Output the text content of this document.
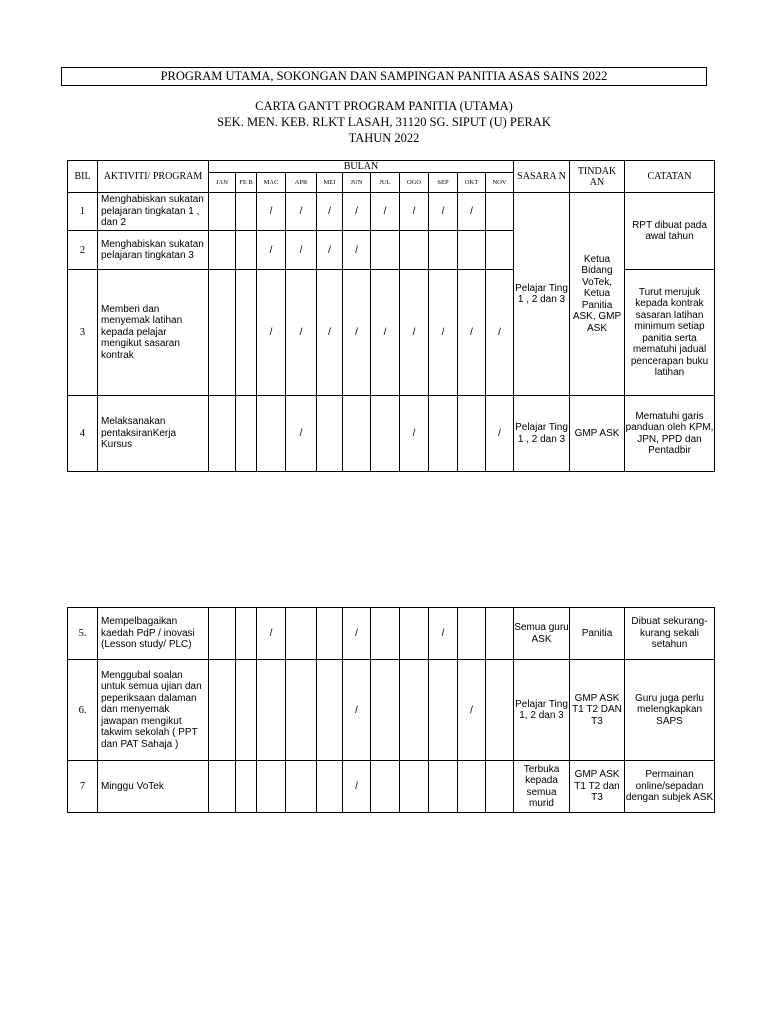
PROGRAM UTAMA, SOKONGAN DAN SAMPINGAN PANITIA ASAS SAINS 2022
CARTA GANTT PROGRAM PANITIA (UTAMA)
SEK. MEN. KEB. RLKT LASAH, 31120 SG. SIPUT (U) PERAK
TAHUN 2022
BIL	AKTIVITI/ PROGRAM	BULAN											SASARA N	TINDAK AN	CATATAN
		JAN	FE B	MAC	APR	MEI	JUN	JUL	OGO	SEP	OKT	NOV			
1	Menghabiskan sukatan pelajaran tingkatan 1 , dan 2			/	/	/	/	/	/	/	/		Pelajar Ting 1 , 2 dan 3	Ketua Bidang VoTek, Ketua Panitia ASK, GMP ASK	RPT dibuat pada awal tahun
2	Menghabiskan sukatan pelajaran tingkatan 3			/	/	/	/								
3	Memberi dan menyemak latihan kepada pelajar mengikut sasaran kontrak			/	/	/	/	/	/	/	/	/			Turut merujuk kepada kontrak sasaran latihan minimum setiap panitia serta mematuhi jadual pencerapan buku latihan
4	Melaksanakan pentaksiranKerja Kursus				/				/			/	Pelajar Ting 1 , 2 dan 3	GMP ASK	Mematuhi garis panduan oleh KPM, JPN, PPD dan Pentadbir
5.	Mempelbagaikan kaedah PdP / inovasi (Lesson study/ PLC)			/			/			/			Semua guru ASK	Panitia	Dibuat sekurang-kurang sekali setahun
6.	Menggubal soalan untuk semua ujian dan peperiksaan dalaman dan menyemak jawapan mengikut takwim sekolah ( PPT dan PAT Sahaja )						/				/		Pelajar Ting 1, 2 dan 3	GMP ASK T1 T2 DAN T3	Guru juga perlu melengkapkan SAPS
7	Minggu VoTek						/						Terbuka kepada semua murid	GMP ASK T1 T2 dan T3	Permainan online/sepadan dengan subjek ASK
